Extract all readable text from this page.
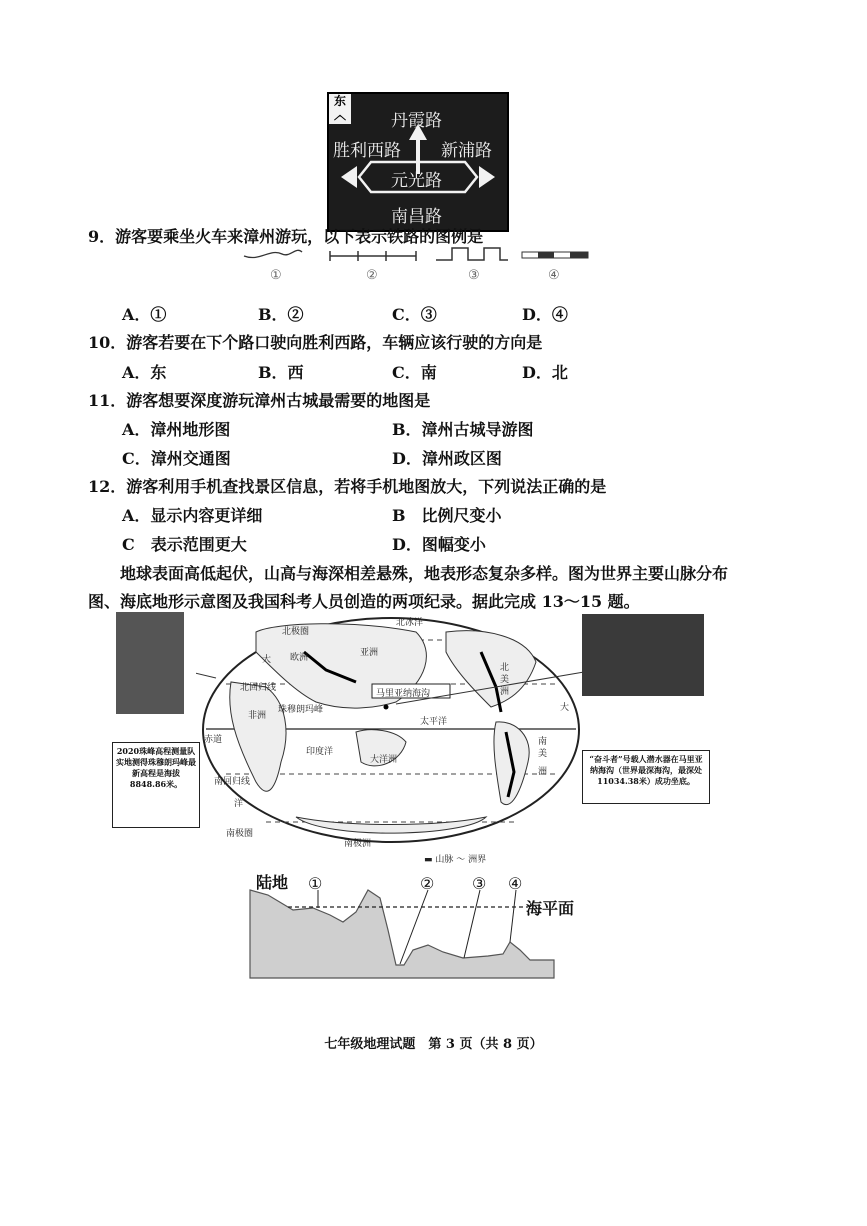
东
︿	丹霞路
胜利西路 新浦路
元光路
南昌路
9．游客要乘坐火车来漳州游玩，以下表示铁路的图例是
①	②	③	④
A．①	B．②	C．③	D．④
10．游客若要在下个路口驶向胜利西路，车辆应该行驶的方向是
A．东	B．西	C．南	D．北
11．游客想要深度游玩漳州古城最需要的地图是
A．漳州地形图	B．漳州古城导游图
C．漳州交通图	D．漳州政区图
12．游客利用手机查找景区信息，若将手机地图放大，下列说法正确的是
A．显示内容更详细	B　比例尺变小
C　表示范围更大	D．图幅变小
地球表面高低起伏，山高与海深相差悬殊，地表形态复杂多样。图为世界主要山脉分布图、海底地形示意图及我国科考人员创造的两项纪录。据此完成 13～15 题。
北冰洋
北极圈
欧洲	亚洲
大
北
美
洲
北回归线
非洲
珠穆朗玛峰
马里亚纳海沟
太平洋
赤道
印度洋
大洋洲
南
美
洲
南回归线
大
洋
南极圈
南极洲
▬ 山脉 ～ 洲界
2020珠峰高程测量队实地测得珠穆朗玛峰最新高程是海拔8848.86米。
“奋斗者”号载人潜水器在马里亚纳海沟（世界最深海沟，最深处11034.38米）成功坐底。
陆地
海平面
①	② ③ ④
七年级地理试题　第 3 页（共 8 页）
